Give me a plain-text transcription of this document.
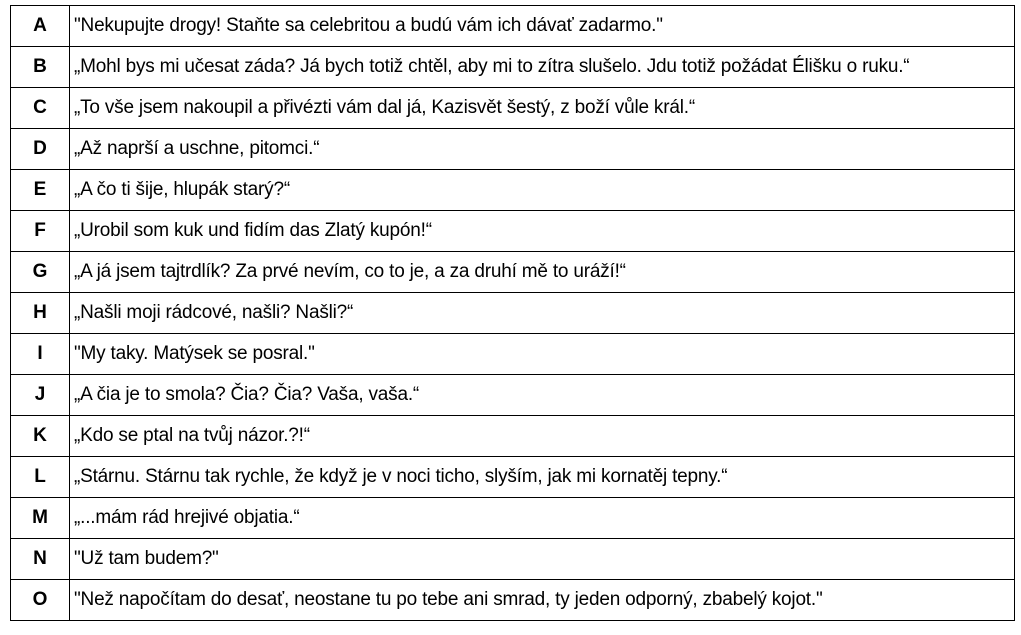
A	"Nekupujte drogy! Staňte sa celebritou a budú vám ich dávať zadarmo."
B	„Mohl bys mi učesat záda? Já bych totiž chtěl, aby mi to zítra slušelo. Jdu totiž požádat Élišku o ruku.“
C	„To vše jsem nakoupil a přivézti vám dal já, Kazisvět šestý, z boží vůle král.“
D	„Až naprší a uschne, pitomci.“
E	„A čo ti šije, hlupák starý?“
F	„Urobil som kuk und fidím das Zlatý kupón!“
G	„A já jsem tajtrdlík? Za prvé nevím, co to je, a za druhí mě to uráží!“
H	„Našli moji rádcové, našli? Našli?“
I	"My taky. Matýsek se posral."
J	„A čia je to smola? Čia? Čia? Vaša, vaša.“
K	„Kdo se ptal na tvůj názor.?!“
L	„Stárnu. Stárnu tak rychle, že když je v noci ticho, slyším, jak mi kornatěj tepny.“
M	„...mám rád hrejivé objatia.“
N	"Už tam budem?"
O	"Než napočítam do desať, neostane tu po tebe ani smrad, ty jeden odporný, zbabelý kojot."
